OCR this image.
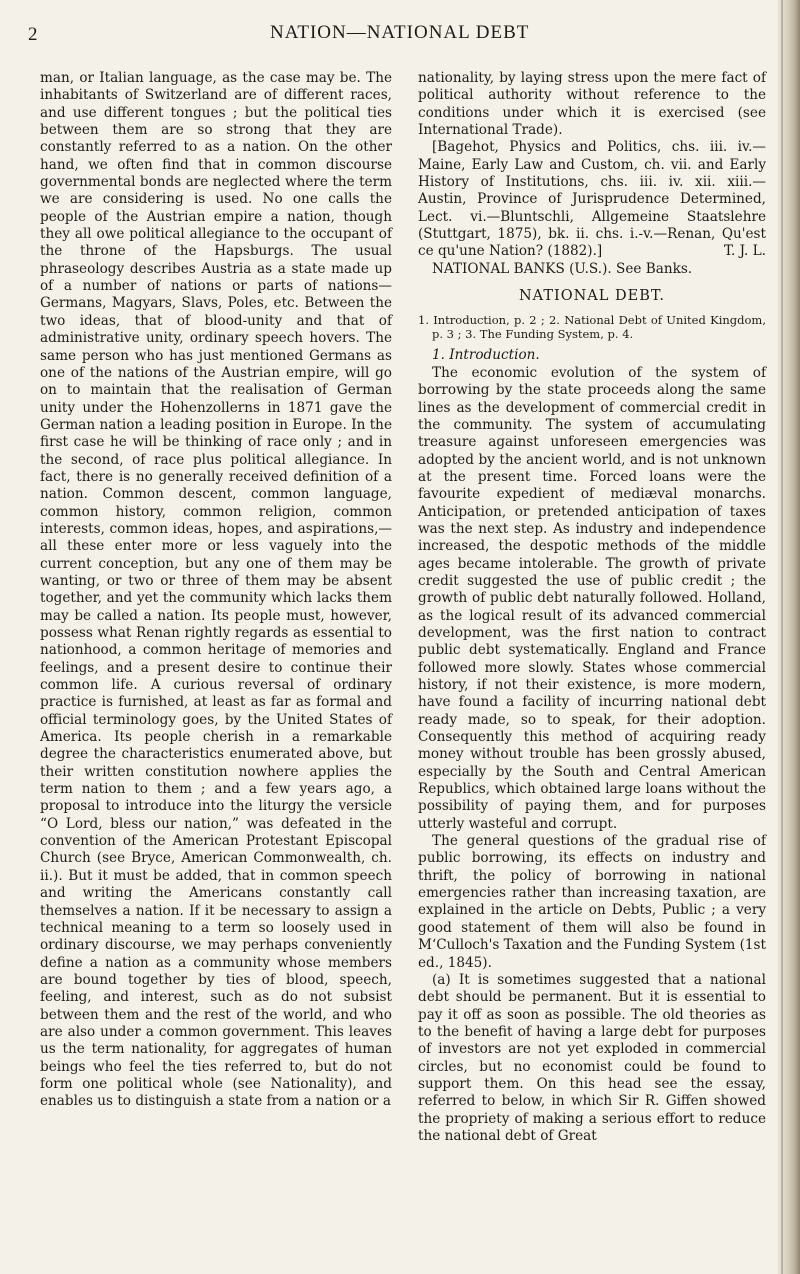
2	NATION—NATIONAL DEBT

man, or Italian language, as the case may be. The inhabitants of Switzerland are of different races, and use different tongues ; but the political ties between them are so strong that they are constantly referred to as a nation. On the other hand, we often find that in common discourse governmental bonds are neglected where the term we are considering is used. No one calls the people of the Austrian empire a nation, though they all owe political allegiance to the occupant of the throne of the Hapsburgs. The usual phraseology describes Austria as a state made up of a number of nations or parts of nations—Germans, Magyars, Slavs, Poles, etc. Between the two ideas, that of blood-unity and that of administrative unity, ordinary speech hovers. The same person who has just mentioned Germans as one of the nations of the Austrian empire, will go on to maintain that the realisation of German unity under the Hohenzollerns in 1871 gave the German nation a leading position in Europe. In the first case he will be thinking of race only ; and in the second, of race plus political allegiance. In fact, there is no generally received definition of a nation. Common descent, common language, common history, common religion, common interests, common ideas, hopes, and aspirations,—all these enter more or less vaguely into the current conception, but any one of them may be wanting, or two or three of them may be absent together, and yet the community which lacks them may be called a nation. Its people must, however, possess what Renan rightly regards as essential to nationhood, a common heritage of memories and feelings, and a present desire to continue their common life. A curious reversal of ordinary practice is furnished, at least as far as formal and official terminology goes, by the United States of America. Its people cherish in a remarkable degree the characteristics enumerated above, but their written constitution nowhere applies the term nation to them ; and a few years ago, a proposal to introduce into the liturgy the versicle “O Lord, bless our nation,” was defeated in the convention of the American Protestant Episcopal Church (see Bryce, American Commonwealth, ch. ii.). But it must be added, that in common speech and writing the Americans constantly call themselves a nation. If it be necessary to assign a technical meaning to a term so loosely used in ordinary discourse, we may perhaps conveniently define a nation as a community whose members are bound together by ties of blood, speech, feeling, and interest, such as do not subsist between them and the rest of the world, and who are also under a common government. This leaves us the term nationality, for aggregates of human beings who feel the ties referred to, but do not form one political whole (see Nationality), and enables us to distinguish a state from a nation or a

nationality, by laying stress upon the mere fact of political authority without reference to the conditions under which it is exercised (see International Trade).

[Bagehot, Physics and Politics, chs. iii. iv.— Maine, Early Law and Custom, ch. vii. and Early History of Institutions, chs. iii. iv. xii. xiii.— Austin, Province of Jurisprudence Determined, Lect. vi.—Bluntschli, Allgemeine Staatslehre (Stuttgart, 1875), bk. ii. chs. i.-v.—Renan, Qu'est ce qu'une Nation? (1882).]	T. J. L.

NATIONAL BANKS (U.S.). See Banks.

NATIONAL DEBT.
1. Introduction, p. 2 ; 2. National Debt of United Kingdom, p. 3 ; 3. The Funding System, p. 4.

1. Introduction.

The economic evolution of the system of borrowing by the state proceeds along the same lines as the development of commercial credit in the community. The system of accumulating treasure against unforeseen emergencies was adopted by the ancient world, and is not unknown at the present time. Forced loans were the favourite expedient of mediæval monarchs. Anticipation, or pretended anticipation of taxes was the next step. As industry and independence increased, the despotic methods of the middle ages became intolerable. The growth of private credit suggested the use of public credit ; the growth of public debt naturally followed. Holland, as the logical result of its advanced commercial development, was the first nation to contract public debt systematically. England and France followed more slowly. States whose commercial history, if not their existence, is more modern, have found a facility of incurring national debt ready made, so to speak, for their adoption. Consequently this method of acquiring ready money without trouble has been grossly abused, especially by the South and Central American Republics, which obtained large loans without the possibility of paying them, and for purposes utterly wasteful and corrupt.

The general questions of the gradual rise of public borrowing, its effects on industry and thrift, the policy of borrowing in national emergencies rather than increasing taxation, are explained in the article on Debts, Public ; a very good statement of them will also be found in M‘Culloch's Taxation and the Funding System (1st ed., 1845).

(a) It is sometimes suggested that a national debt should be permanent. But it is essential to pay it off as soon as possible. The old theories as to the benefit of having a large debt for purposes of investors are not yet exploded in commercial circles, but no economist could be found to support them. On this head see the essay, referred to below, in which Sir R. Giffen showed the propriety of making a serious effort to reduce the national debt of Great
